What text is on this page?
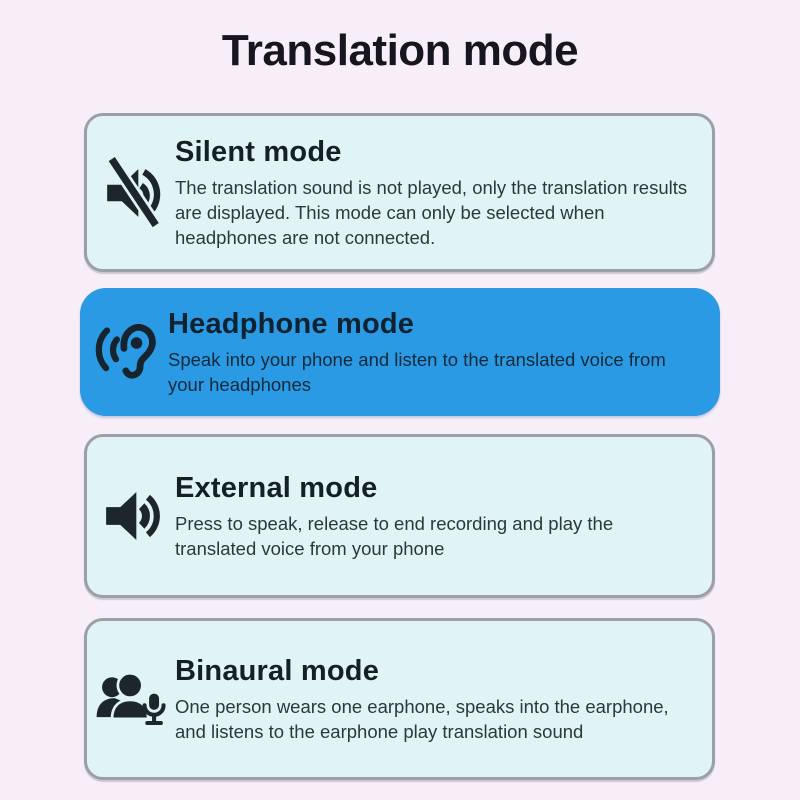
Translation mode
Silent mode

The translation sound is not played, only the translation results are displayed. This mode can only be selected when headphones are not connected.

Headphone mode

Speak into your phone and listen to the translated voice from your headphones

External mode

Press to speak, release to end recording and play the translated voice from your phone

Binaural mode

One person wears one earphone, speaks into the earphone, and listens to the earphone play translation sound
